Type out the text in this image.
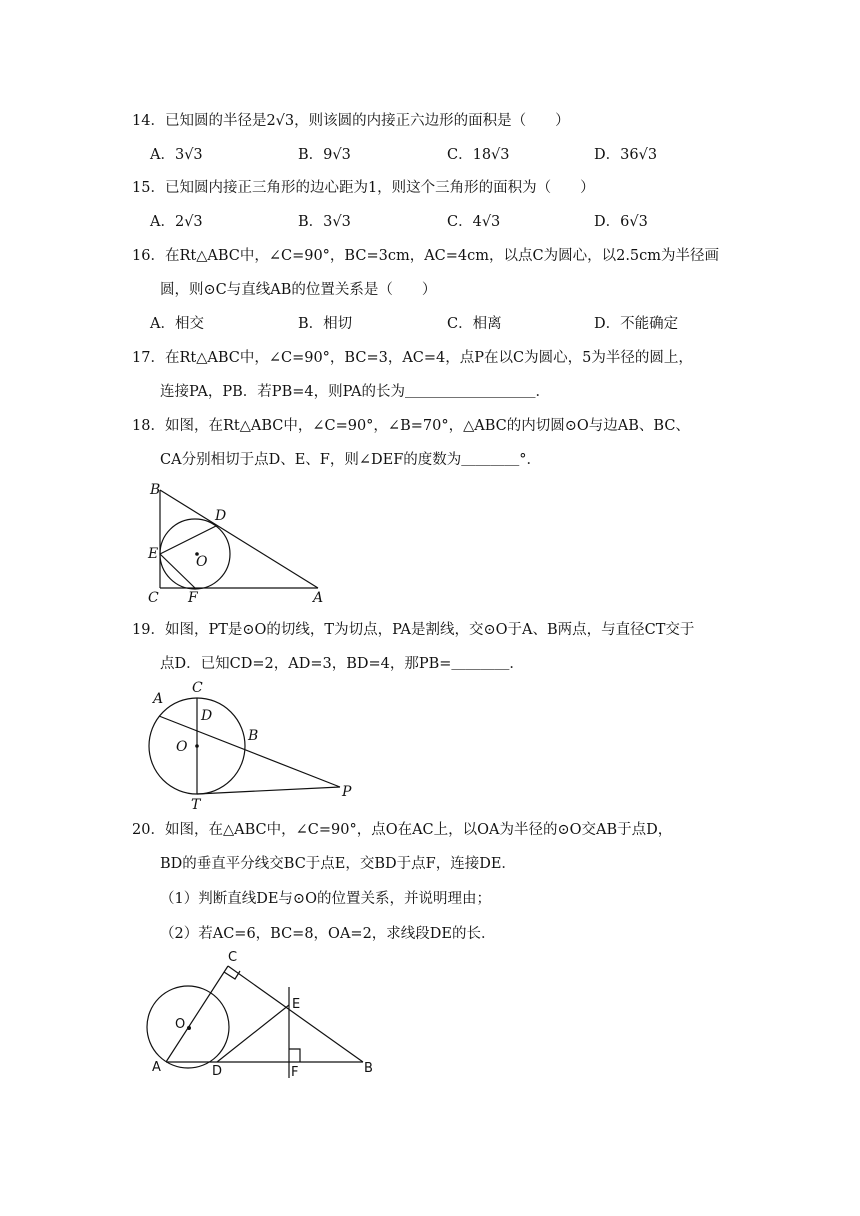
14．已知圆的半径是2√3，则该圆的内接正六边形的面积是（　　）
A．3√3	B．9√3	C．18√3	D．36√3
15．已知圆内接正三角形的边心距为1，则这个三角形的面积为（　　）
A．2√3	B．3√3	C．4√3	D．6√3
16．在Rt△ABC中，∠C=90°，BC=3cm，AC=4cm，以点C为圆心，以2.5cm为半径画
圆，则⊙C与直线AB的位置关系是（　　）
A．相交	B．相切	C．相离	D．不能确定
17．在Rt△ABC中，∠C=90°，BC=3，AC=4，点P在以C为圆心，5为半径的圆上，
连接PA，PB．若PB=4，则PA的长为＿＿＿＿＿＿＿＿＿．
18．如图，在Rt△ABC中，∠C=90°，∠B=70°，△ABC的内切圆⊙O与边AB、BC、
CA分别相切于点D、E、F，则∠DEF的度数为＿＿＿＿°．
B
D
E	O
C F	A
19．如图，PT是⊙O的切线，T为切点，PA是割线，交⊙O于A、B两点，与直径CT交于
点D．已知CD=2，AD=3，BD=4，那PB=＿＿＿＿．
A
C
D
B
O
T
P
20．如图，在△ABC中，∠C=90°，点O在AC上，以OA为半径的⊙O交AB于点D，
BD的垂直平分线交BC于点E，交BD于点F，连接DE．
（1）判断直线DE与⊙O的位置关系，并说明理由；
（2）若AC=6，BC=8，OA=2，求线段DE的长．
C
O
E
A	D	F	B
